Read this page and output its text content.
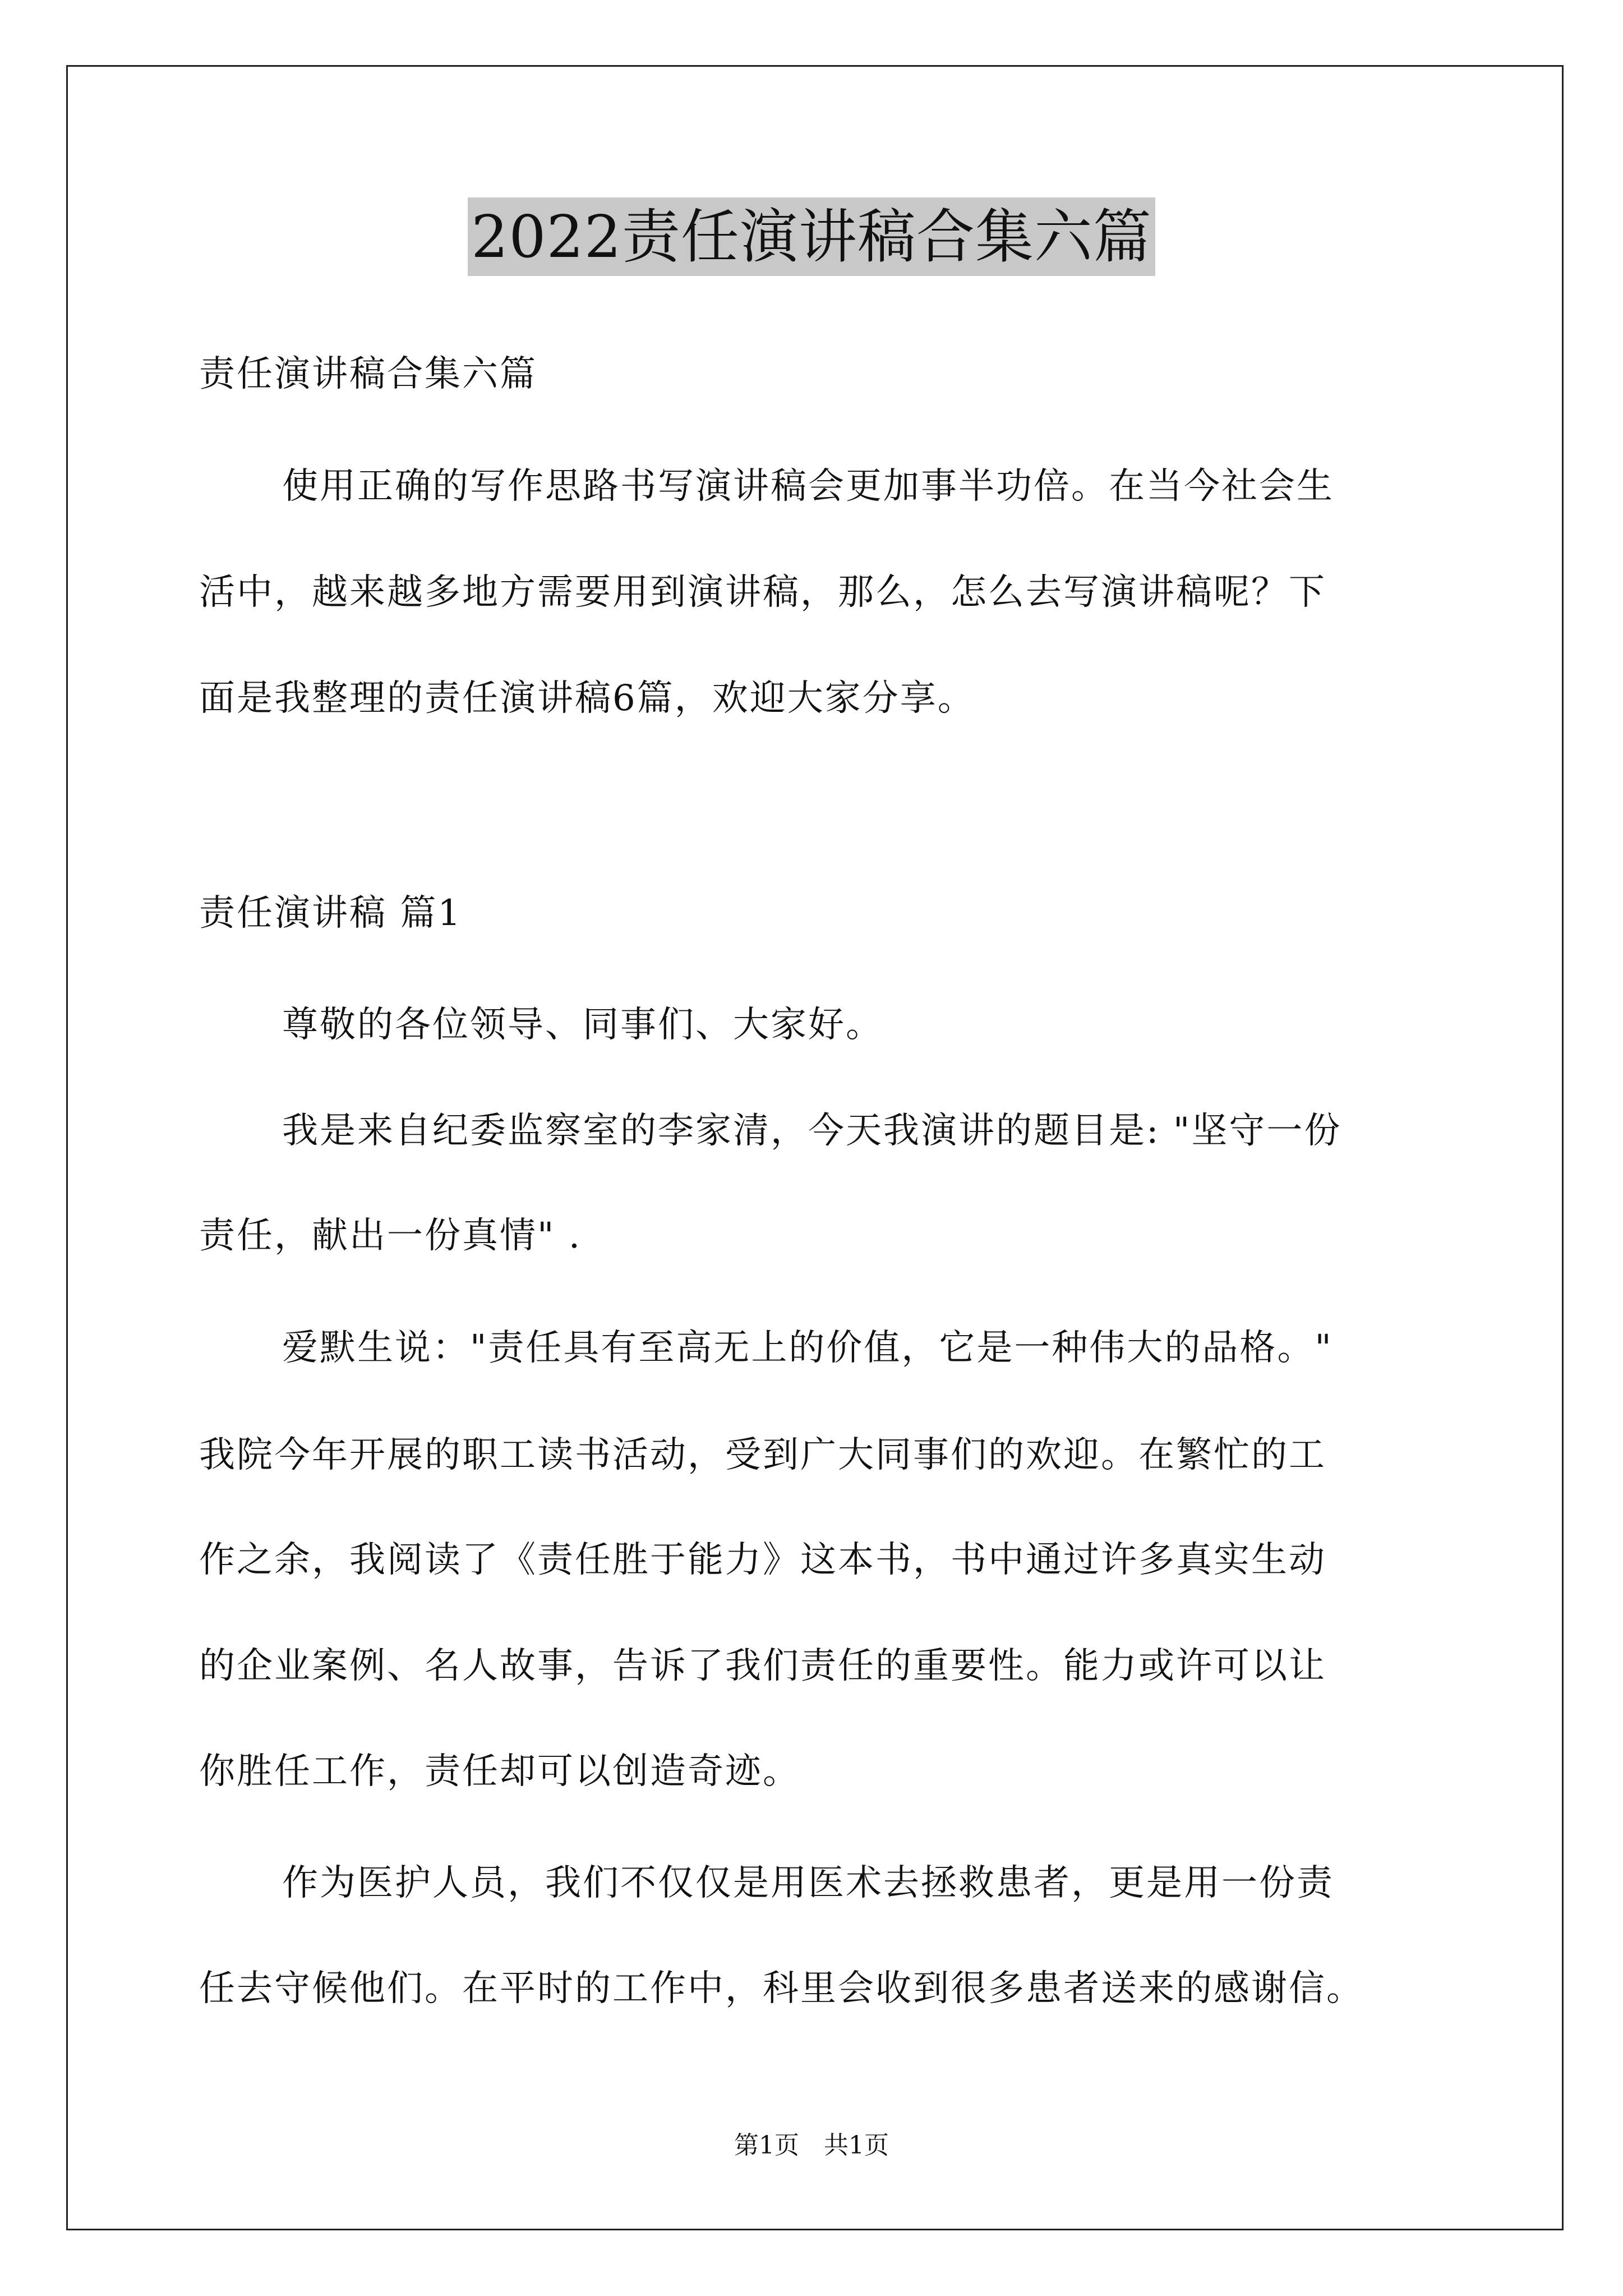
2022责任演讲稿合集六篇
责任演讲稿合集六篇
使用正确的写作思路书写演讲稿会更加事半功倍。在当今社会生
活中，越来越多地方需要用到演讲稿，那么，怎么去写演讲稿呢？下
面是我整理的责任演讲稿6篇，欢迎大家分享。
责任演讲稿 篇1
尊敬的各位领导、同事们、大家好。
我是来自纪委监察室的李家清，今天我演讲的题目是: "坚守一份
责任，献出一份真情" .
爱默生说："责任具有至高无上的价值，它是一种伟大的品格。"
我院今年开展的职工读书活动，受到广大同事们的欢迎。在繁忙的工
作之余，我阅读了《责任胜于能力》这本书，书中通过许多真实生动
的企业案例、名人故事，告诉了我们责任的重要性。能力或许可以让
你胜任工作，责任却可以创造奇迹。
作为医护人员，我们不仅仅是用医术去拯救患者，更是用一份责
任去守候他们。在平时的工作中，科里会收到很多患者送来的感谢信。
第1页　共1页
